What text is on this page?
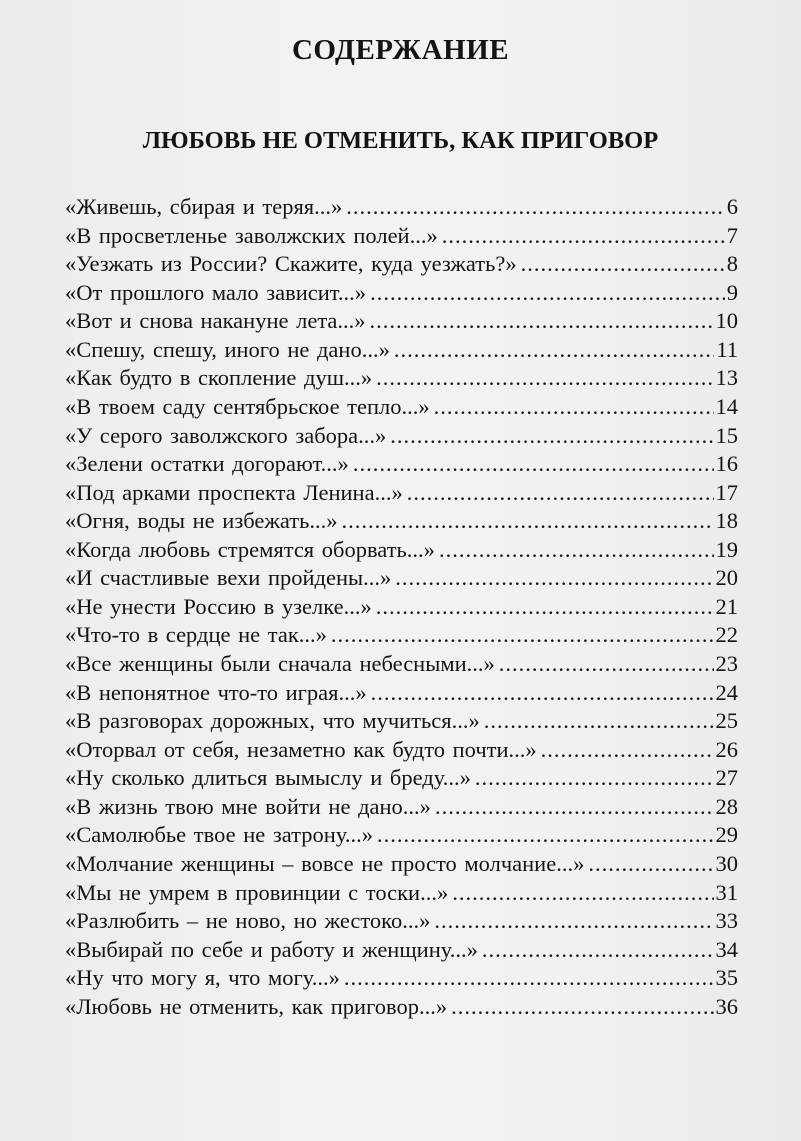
СОДЕРЖАНИЕ
ЛЮБОВЬ НЕ ОТМЕНИТЬ, КАК ПРИГОВОР
«Живешь, сбирая и теряя...» .....	6
«В просветленье заволжских полей...» .....	7
«Уезжать из России? Скажите, куда уезжать?» .....	8
«От прошлого мало зависит...» .....	9
«Вот и снова накануне лета...» .....	10
«Спешу, спешу, иного не дано...» .....	11
«Как будто в скопление душ...» .....	13
«В твоем саду сентябрьское тепло...» .....	14
«У серого заволжского забора...» .....	15
«Зелени остатки догорают...» .....	16
«Под арками проспекта Ленина...» .....	17
«Огня, воды не избежать...» .....	18
«Когда любовь стремятся оборвать...» .....	19
«И счастливые вехи пройдены...» .....	20
«Не унести Россию в узелке...» .....	21
«Что-то в сердце не так...» .....	22
«Все женщины были сначала небесными...» .....	23
«В непонятное что-то играя...» .....	24
«В разговорах дорожных, что мучиться...» .....	25
«Оторвал от себя, незаметно как будто почти...» .....	26
«Ну сколько длиться вымыслу и бреду...» .....	27
«В жизнь твою мне войти не дано...» .....	28
«Самолюбье твое не затрону...» .....	29
«Молчание женщины – вовсе не просто молчание...» .....	30
«Мы не умрем в провинции с тоски...» .....	31
«Разлюбить – не ново, но жестоко...» .....	33
«Выбирай по себе и работу и женщину...» .....	34
«Ну что могу я, что могу...» .....	35
«Любовь не отменить, как приговор...» .....	36
